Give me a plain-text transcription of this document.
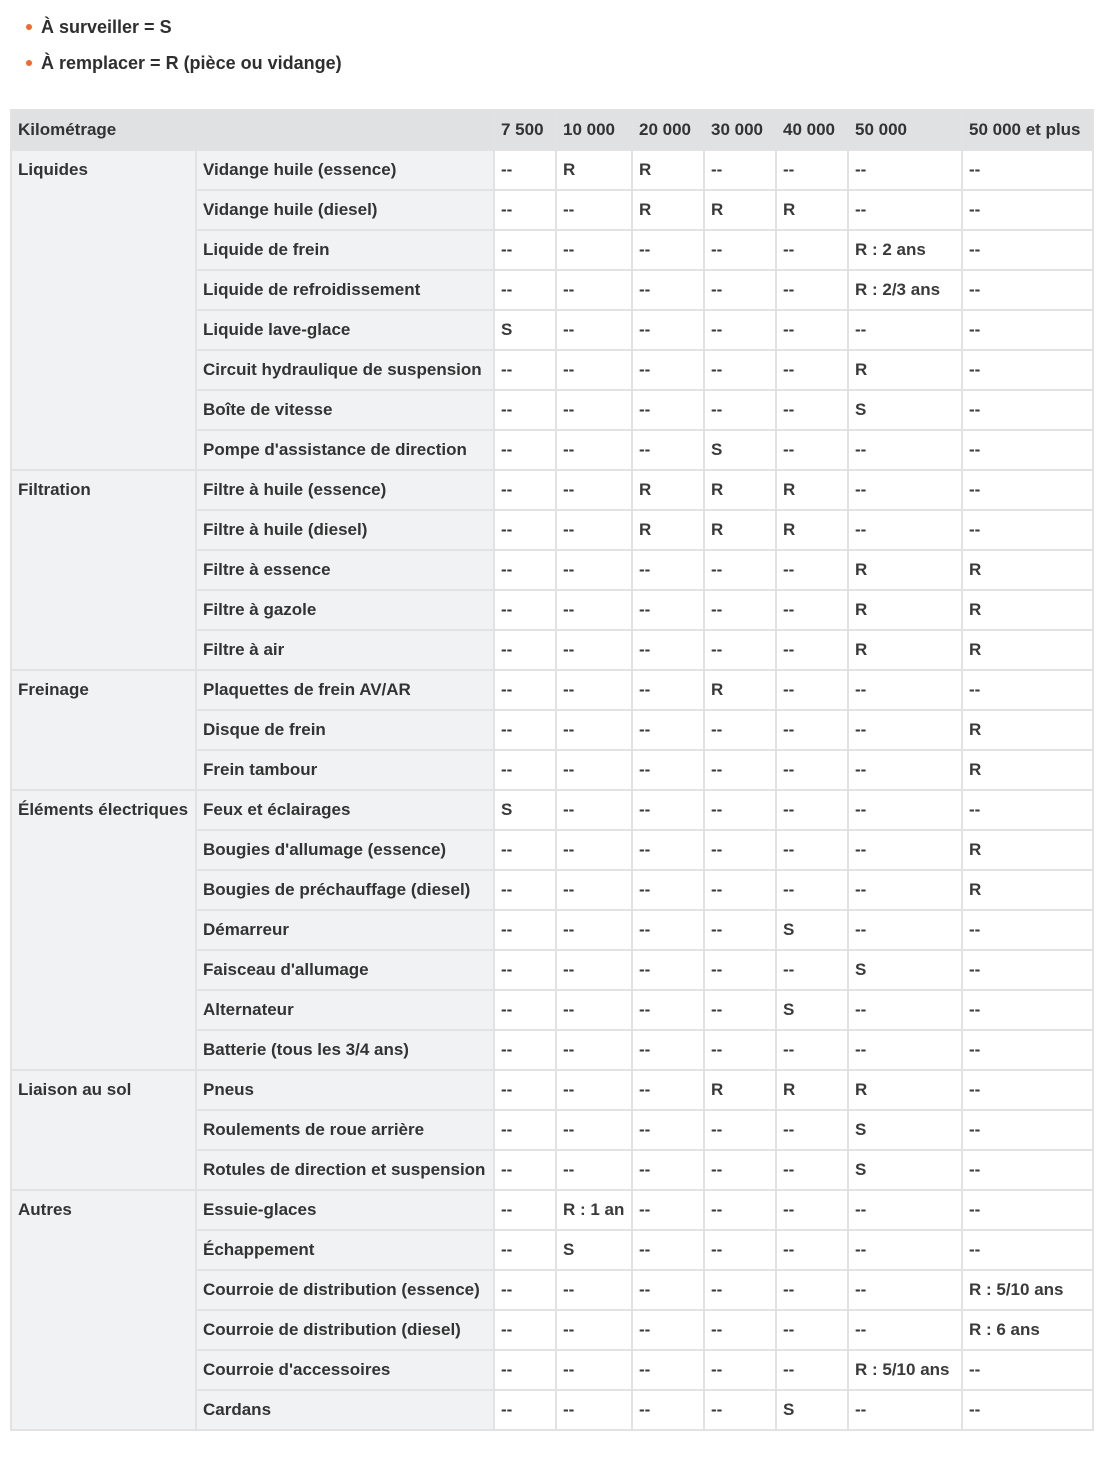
À surveiller = S
À remplacer = R (pièce ou vidange)
Kilométrage		7 500	10 000	20 000	30 000	40 000	50 000	50 000 et plus
Liquides	Vidange huile (essence)	--	R	R	--	--	--	--
	Vidange huile (diesel)	--	--	R	R	R	--	--
	Liquide de frein	--	--	--	--	--	R : 2 ans	--
	Liquide de refroidissement	--	--	--	--	--	R : 2/3 ans	--
	Liquide lave-glace	S	--	--	--	--	--	--
	Circuit hydraulique de suspension	--	--	--	--	--	R	--
	Boîte de vitesse	--	--	--	--	--	S	--
	Pompe d'assistance de direction	--	--	--	S	--	--	--
Filtration	Filtre à huile (essence)	--	--	R	R	R	--	--
	Filtre à huile (diesel)	--	--	R	R	R	--	--
	Filtre à essence	--	--	--	--	--	R	R
	Filtre à gazole	--	--	--	--	--	R	R
	Filtre à air	--	--	--	--	--	R	R
Freinage	Plaquettes de frein AV/AR	--	--	--	R	--	--	--
	Disque de frein	--	--	--	--	--	--	R
	Frein tambour	--	--	--	--	--	--	R
Éléments électriques	Feux et éclairages	S	--	--	--	--	--	--
	Bougies d'allumage (essence)	--	--	--	--	--	--	R
	Bougies de préchauffage (diesel)	--	--	--	--	--	--	R
	Démarreur	--	--	--	--	S	--	--
	Faisceau d'allumage	--	--	--	--	--	S	--
	Alternateur	--	--	--	--	S	--	--
	Batterie (tous les 3/4 ans)	--	--	--	--	--	--	--
Liaison au sol	Pneus	--	--	--	R	R	R	--
	Roulements de roue arrière	--	--	--	--	--	S	--
	Rotules de direction et suspension	--	--	--	--	--	S	--
Autres	Essuie-glaces	--	R : 1 an	--	--	--	--	--
	Échappement	--	S	--	--	--	--	--
	Courroie de distribution (essence)	--	--	--	--	--	--	R : 5/10 ans
	Courroie de distribution (diesel)	--	--	--	--	--	--	R : 6 ans
	Courroie d'accessoires	--	--	--	--	--	R : 5/10 ans	--
	Cardans	--	--	--	--	S	--	--
